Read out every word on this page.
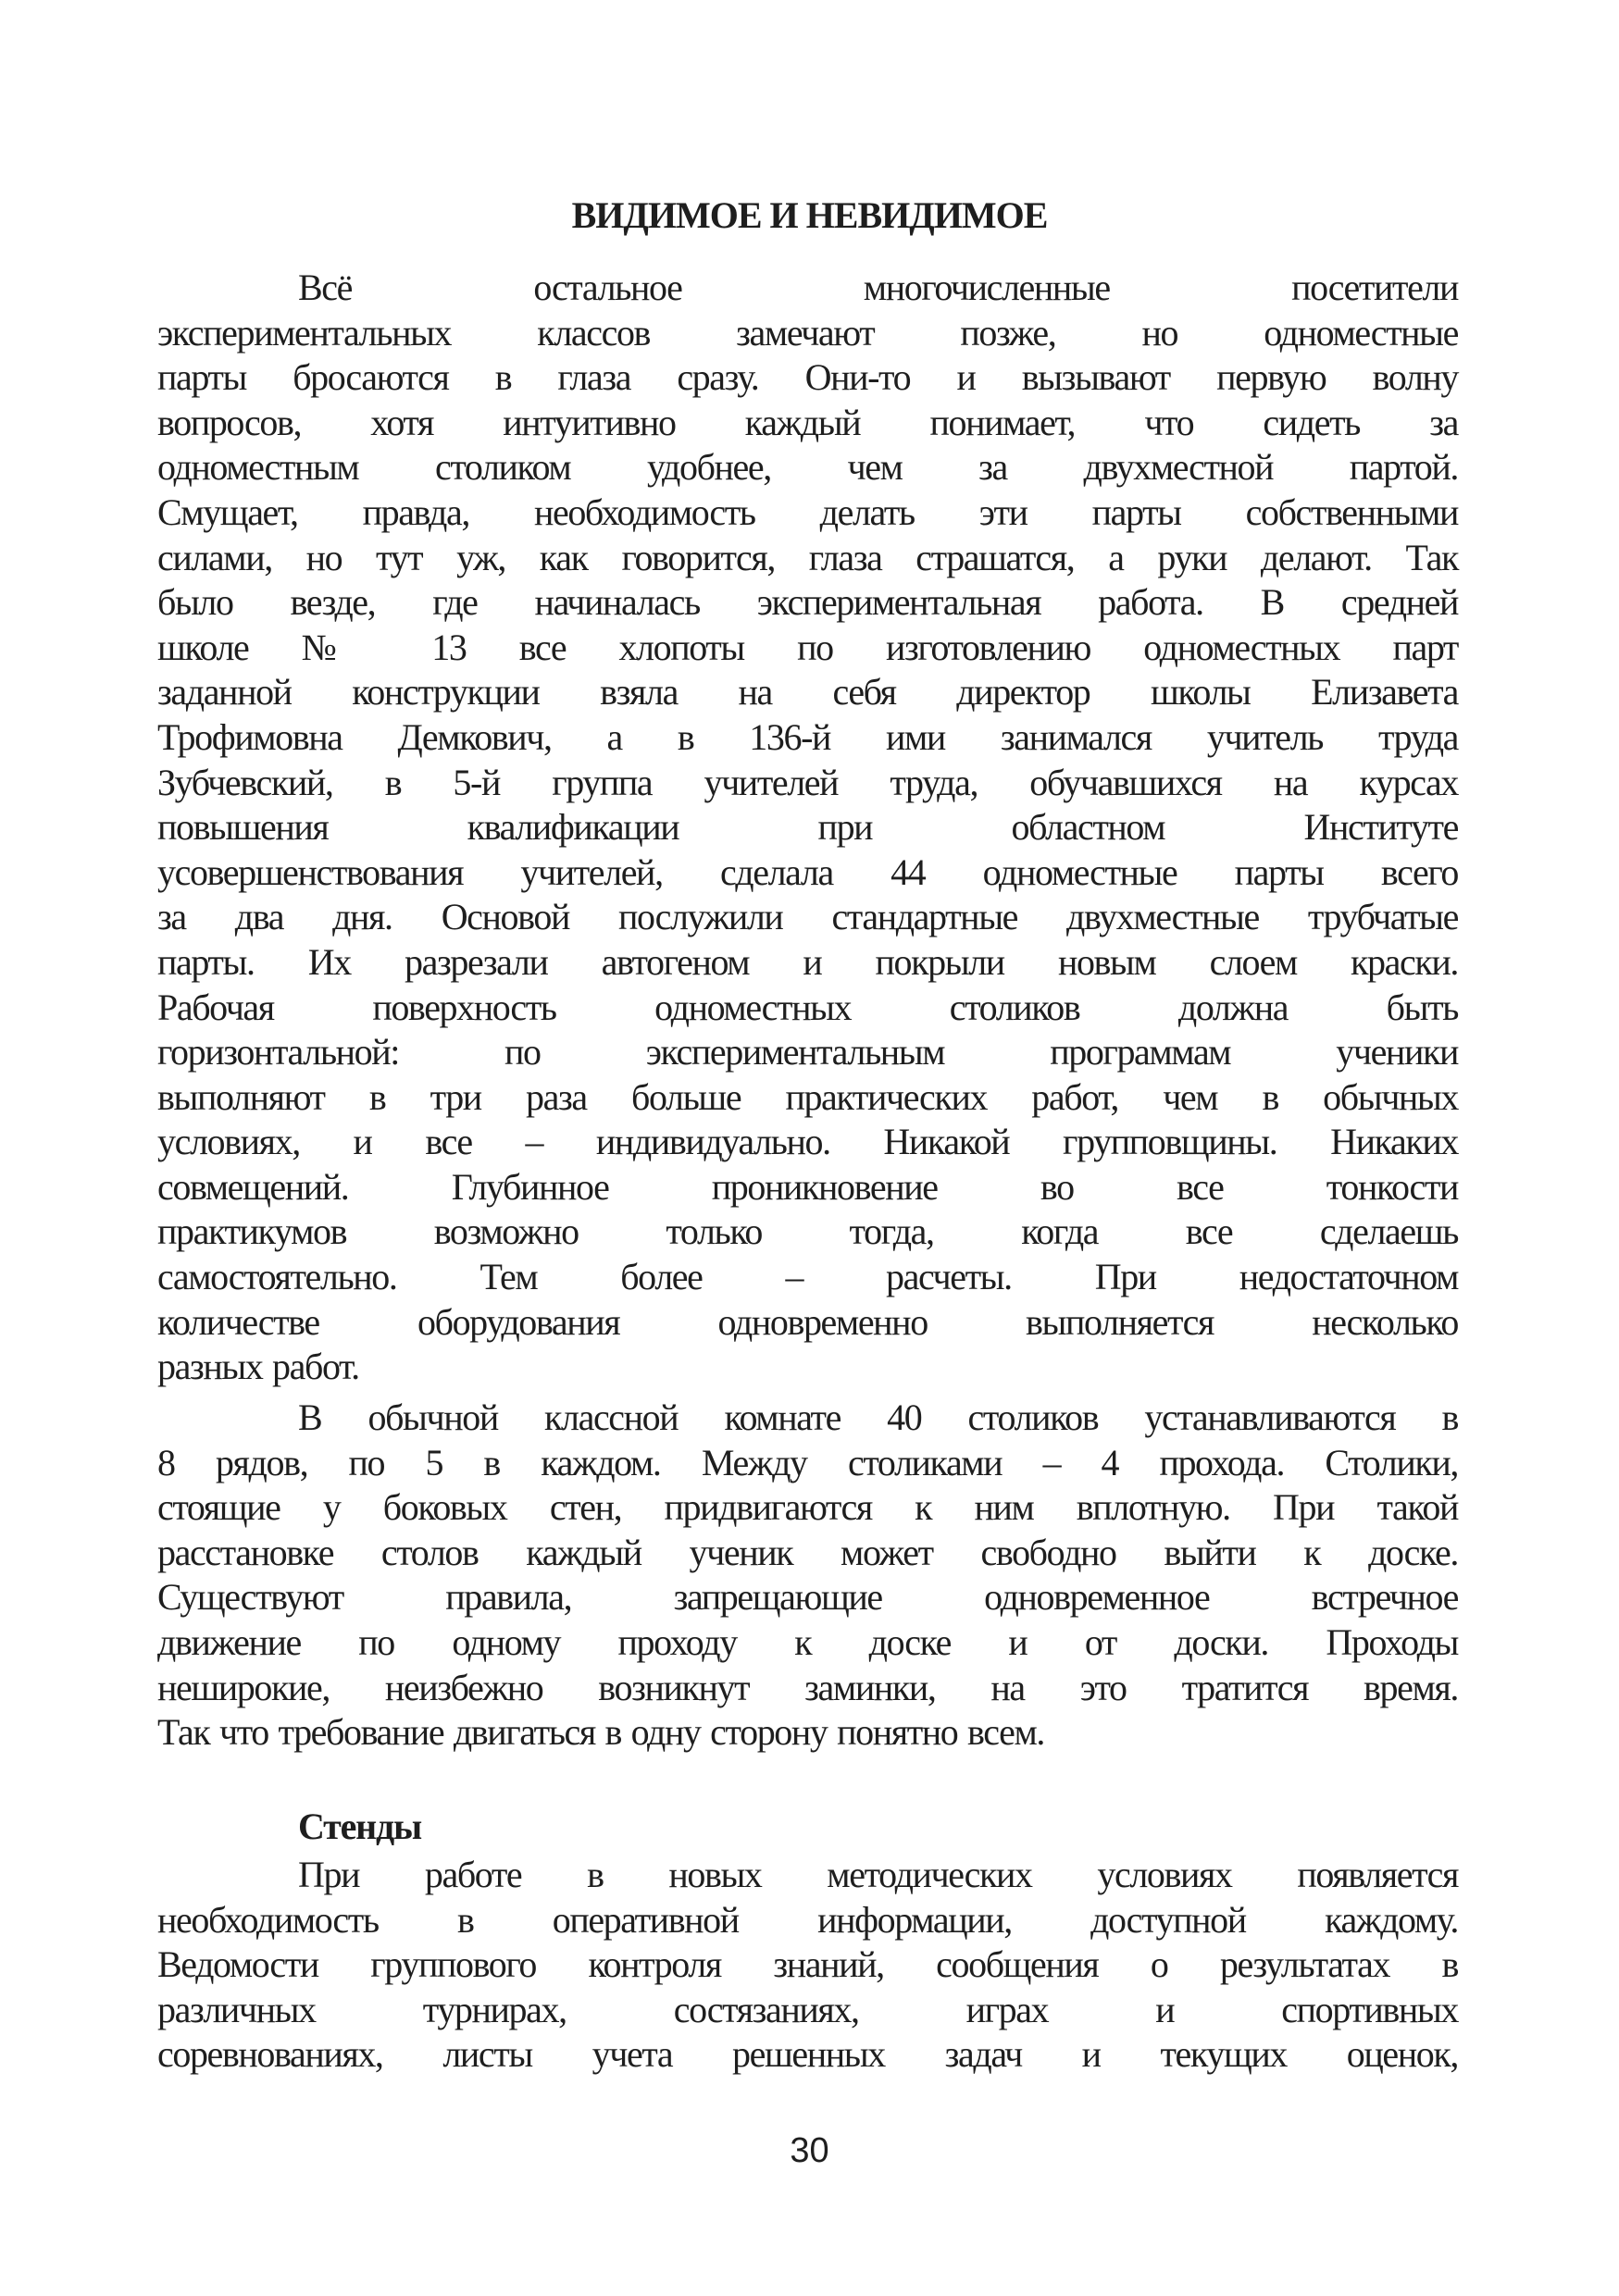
ВИДИМОЕ И НЕВИДИМОЕ
Всё остальное многочисленные посетители
экспериментальных классов замечают позже, но одноместные
парты бросаются в глаза сразу. Они-то и вызывают первую волну
вопросов, хотя интуитивно каждый понимает, что сидеть за
одноместным столиком удобнее, чем за двухместной партой.
Смущает, правда, необходимость делать эти парты собственными
силами, но тут уж, как говорится, глаза страшатся, а руки делают. Так
было везде, где начиналась экспериментальная работа. В средней
школе № 13 все хлопоты по изготовлению одноместных парт
заданной конструкции взяла на себя директор школы Елизавета
Трофимовна Демкович, а в 136-й ими занимался учитель труда
Зубчевский, в 5-й группа учителей труда, обучавшихся на курсах
повышения квалификации при областном Институте
усовершенствования учителей, сделала 44 одноместные парты всего
за два дня. Основой послужили стандартные двухместные трубчатые
парты. Их разрезали автогеном и покрыли новым слоем краски.
Рабочая поверхность одноместных столиков должна быть
горизонтальной: по экспериментальным программам ученики
выполняют в три раза больше практических работ, чем в обычных
условиях, и все – индивидуально. Никакой групповщины. Никаких
совмещений. Глубинное проникновение во все тонкости
практикумов возможно только тогда, когда все сделаешь
самостоятельно. Тем более – расчеты. При недостаточном
количестве оборудования одновременно выполняется несколько
разных работ.
В обычной классной комнате 40 столиков устанавливаются в
8 рядов, по 5 в каждом. Между столиками – 4 прохода. Столики,
стоящие у боковых стен, придвигаются к ним вплотную. При такой
расстановке столов каждый ученик может свободно выйти к доске.
Существуют правила, запрещающие одновременное встречное
движение по одному проходу к доске и от доски. Проходы
неширокие, неизбежно возникнут заминки, на это тратится время.
Так что требование двигаться в одну сторону понятно всем.
Стенды
При работе в новых методических условиях появляется
необходимость в оперативной информации, доступной каждому.
Ведомости группового контроля знаний, сообщения о результатах в
различных турнирах, состязаниях, играх и спортивных
соревнованиях, листы учета решенных задач и текущих оценок,
30
